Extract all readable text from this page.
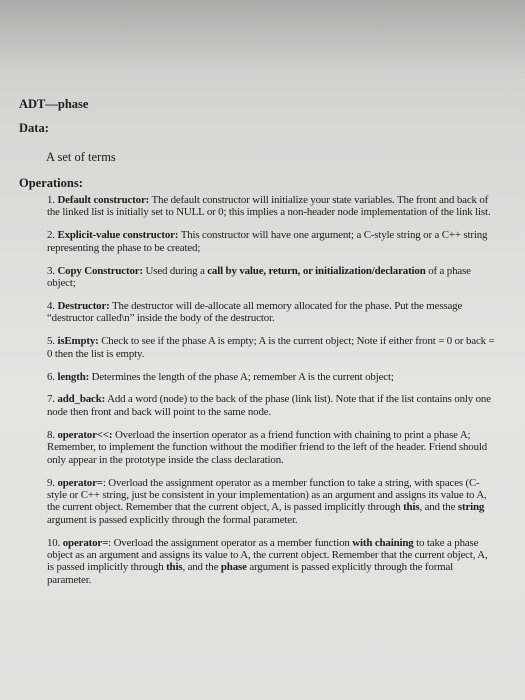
ADT—phase
Data:
A set of terms
Operations:
1. Default constructor: The default constructor will initialize your state variables. The front and back of the linked list is initially set to NULL or 0; this implies a non-header node implementation of the link list.
2. Explicit-value constructor: This constructor will have one argument; a C-style string or a C++ string representing the phase to be created;
3. Copy Constructor: Used during a call by value, return, or initialization/declaration of a phase object;
4. Destructor: The destructor will de-allocate all memory allocated for the phase. Put the message “destructor called\n” inside the body of the destructor.
5. isEmpty: Check to see if the phase A is empty; A is the current object; Note if either front = 0 or back = 0 then the list is empty.
6. length: Determines the length of the phase A; remember A is the current object;
7. add_back: Add a word (node) to the back of the phase (link list). Note that if the list contains only one node then front and back will point to the same node.
8. operator<<: Overload the insertion operator as a friend function with chaining to print a phase A; Remember, to implement the function without the modifier friend to the left of the header. Friend should only appear in the prototype inside the class declaration.
9. operator=: Overload the assignment operator as a member function to take a string, with spaces (C-style or C++ string, just be consistent in your implementation) as an argument and assigns its value to A, the current object. Remember that the current object, A, is passed implicitly through this, and the string argument is passed explicitly through the formal parameter.
10. operator=: Overload the assignment operator as a member function with chaining to take a phase object as an argument and assigns its value to A, the current object. Remember that the current object, A, is passed implicitly through this, and the phase argument is passed explicitly through the formal parameter.
